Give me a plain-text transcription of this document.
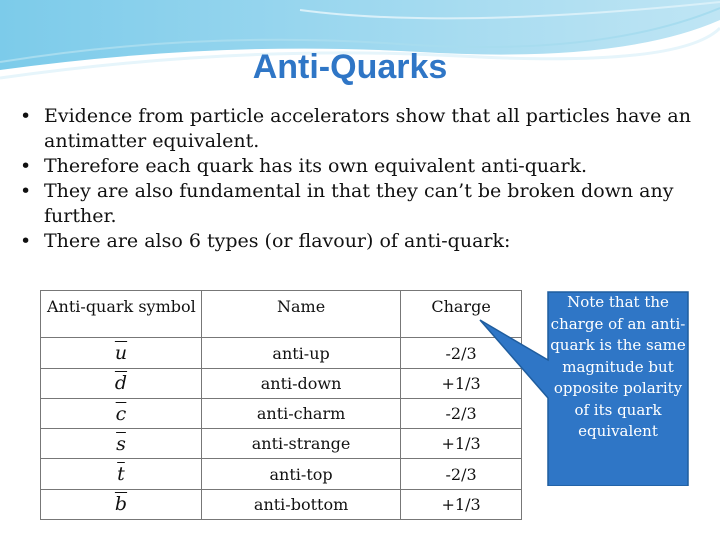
Anti-Quarks
• Evidence from particle accelerators show that all particles have an antimatter equivalent.
• Therefore each quark has its own equivalent anti-quark.
• They are also fundamental in that they can’t be broken down any further.
• There are also 6 types (or flavour) of anti-quark:
Anti-quark symbol	Name	Charge
$\overline{u}$	anti-up	-2/3
$\overline{d}$	anti-down	+1/3
$\overline{c}$	anti-charm	-2/3
$\overline{s}$	anti-strange	+1/3
$\overline{t}$	anti-top	-2/3
$\overline{b}$	anti-bottom	+1/3
Note that the charge of an anti-quark is the same magnitude but opposite polarity of its quark equivalent
